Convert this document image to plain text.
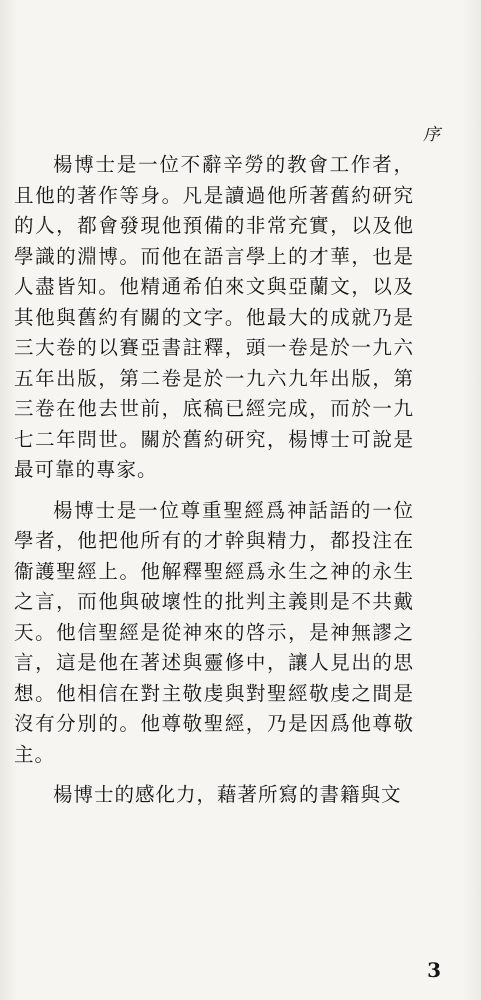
序

楊博士是一位不辭辛勞的教會工作者，且他的著作等身。凡是讀過他所著舊約研究的人，都會發現他預備的非常充實，以及他學識的淵博。而他在語言學上的才華，也是人盡皆知。他精通希伯來文與亞蘭文，以及其他與舊約有關的文字。他最大的成就乃是三大卷的以賽亞書註釋，頭一卷是於一九六五年出版，第二卷是於一九六九年出版，第三卷在他去世前，底稿已經完成，而於一九七二年問世。關於舊約研究，楊博士可說是最可靠的專家。

楊博士是一位尊重聖經爲神話語的一位學者，他把他所有的才幹與精力，都投注在衞護聖經上。他解釋聖經爲永生之神的永生之言，而他與破壞性的批判主義則是不共戴天。他信聖經是從神來的啓示，是神無謬之言，這是他在著述與靈修中，讓人見出的思想。他相信在對主敬虔與對聖經敬虔之間是沒有分別的。他尊敬聖經，乃是因爲他尊敬主。

楊博士的感化力，藉著所寫的書籍與文

3
